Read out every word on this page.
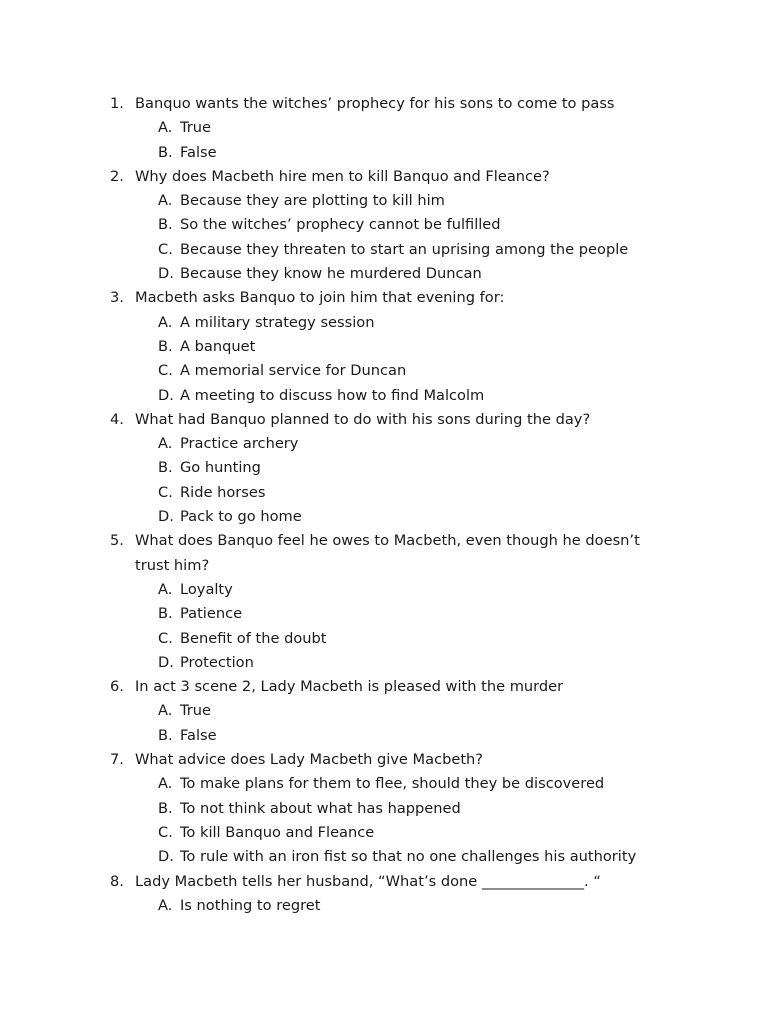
1. Banquo wants the witches’ prophecy for his sons to come to pass
A. True
B. False
2. Why does Macbeth hire men to kill Banquo and Fleance?
A. Because they are plotting to kill him
B. So the witches’ prophecy cannot be fulfilled
C. Because they threaten to start an uprising among the people
D. Because they know he murdered Duncan
3. Macbeth asks Banquo to join him that evening for:
A. A military strategy session
B. A banquet
C. A memorial service for Duncan
D. A meeting to discuss how to find Malcolm
4. What had Banquo planned to do with his sons during the day?
A. Practice archery
B. Go hunting
C. Ride horses
D. Pack to go home
5. What does Banquo feel he owes to Macbeth, even though he doesn’t trust him?
A. Loyalty
B. Patience
C. Benefit of the doubt
D. Protection
6. In act 3 scene 2, Lady Macbeth is pleased with the murder
A. True
B. False
7. What advice does Lady Macbeth give Macbeth?
A. To make plans for them to flee, should they be discovered
B. To not think about what has happened
C. To kill Banquo and Fleance
D. To rule with an iron fist so that no one challenges his authority
8. Lady Macbeth tells her husband, “What’s done ______________. “
A. Is nothing to regret
